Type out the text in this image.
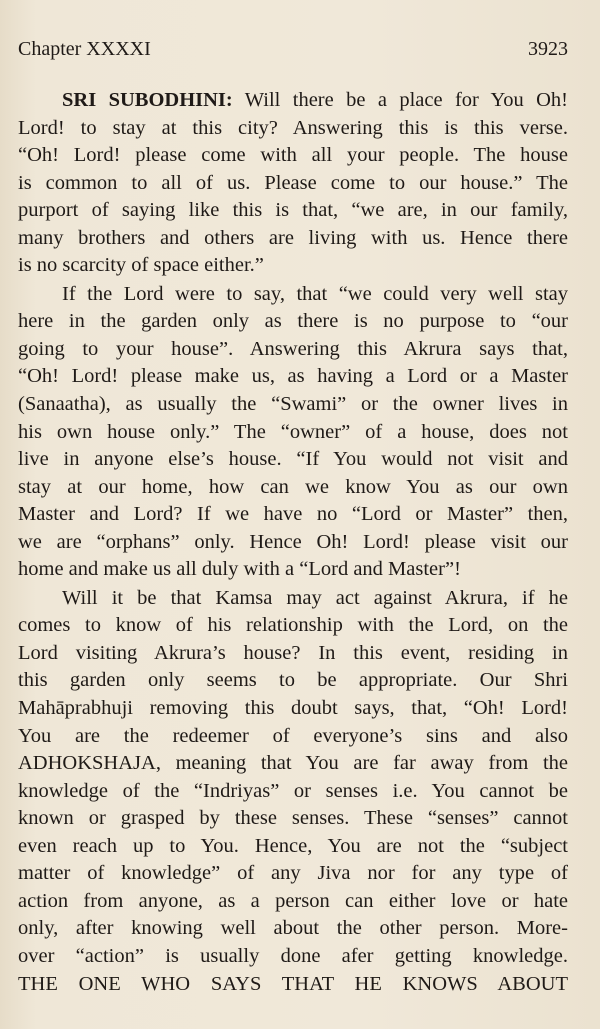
Chapter XXXXI	3923
SRI SUBODHINI: Will there be a place for You Oh!
Lord! to stay at this city? Answering this is this verse.
“Oh! Lord! please come with all your people. The house
is common to all of us. Please come to our house.” The
purport of saying like this is that, “we are, in our family,
many brothers and others are living with us. Hence there
is no scarcity of space either.”
If the Lord were to say, that “we could very well stay
here in the garden only as there is no purpose to “our
going to your house”. Answering this Akrura says that,
“Oh! Lord! please make us, as having a Lord or a Master
(Sanaatha), as usually the “Swami” or the owner lives in
his own house only.” The “owner” of a house, does not
live in anyone else’s house. “If You would not visit and
stay at our home, how can we know You as our own
Master and Lord? If we have no “Lord or Master” then,
we are “orphans” only. Hence Oh! Lord! please visit our
home and make us all duly with a “Lord and Master”!
Will it be that Kamsa may act against Akrura, if he
comes to know of his relationship with the Lord, on the
Lord visiting Akrura’s house? In this event, residing in
this garden only seems to be appropriate. Our Shri
Mahāprabhuji removing this doubt says, that, “Oh! Lord!
You are the redeemer of everyone’s sins and also
ADHOKSHAJA, meaning that You are far away from the
knowledge of the “Indriyas” or senses i.e. You cannot be
known or grasped by these senses. These “senses” cannot
even reach up to You. Hence, You are not the “subject
matter of knowledge” of any Jiva nor for any type of
action from anyone, as a person can either love or hate
only, after knowing well about the other person. More-
over “action” is usually done afer getting knowledge.
THE ONE WHO SAYS THAT HE KNOWS ABOUT
